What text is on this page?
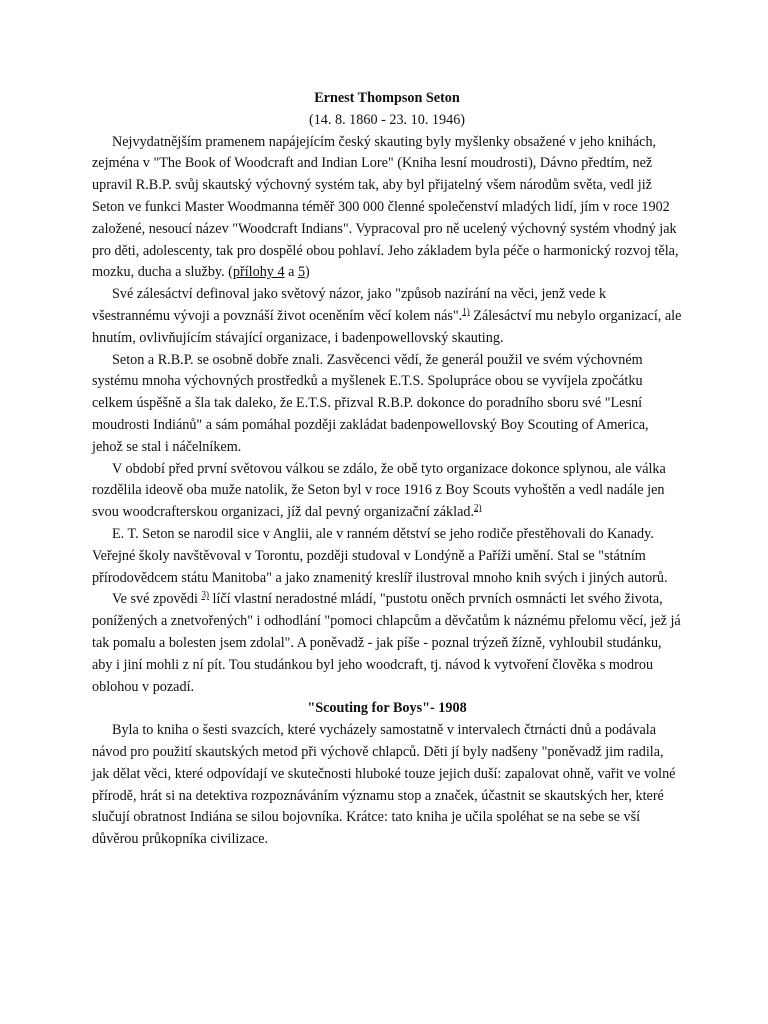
Ernest Thompson Seton

(14. 8. 1860 - 23. 10. 1946)

Nejvydatnějším pramenem napájejícím český skauting byly myšlenky obsažené v jeho knihách, zejména v "The Book of Woodcraft and Indian Lore" (Kniha lesní moudrosti), Dávno předtím, než upravil R.B.P. svůj skautský výchovný systém tak, aby byl přijatelný všem národům světa, vedl již Seton ve funkci Master Woodmanna téměř 300 000 členné společenství mladých lidí, jím v roce 1902 založené, nesoucí název "Woodcraft Indians". Vypracoval pro ně ucelený výchovný systém vhodný jak pro děti, adolescenty, tak pro dospělé obou pohlaví. Jeho základem byla péče o harmonický rozvoj těla, mozku, ducha a služby. (přílohy 4 a 5)

Své zálesáctví definoval jako světový názor, jako "způsob nazírání na věci, jenž vede k všestrannému vývoji a povznáší život oceněním věcí kolem nás".$^{1)}$ Zálesáctví mu nebylo organizací, ale hnutím, ovlivňujícím stávající organizace, i badenpowellovský skauting.

Seton a R.B.P. se osobně dobře znali. Zasvěcenci vědí, že generál použil ve svém výchovném systému mnoha výchovných prostředků a myšlenek E.T.S. Spolupráce obou se vyvíjela zpočátku celkem úspěšně a šla tak daleko, že E.T.S. přizval R.B.P. dokonce do poradního sboru své "Lesní moudrosti Indiánů" a sám pomáhal později zakládat badenpowellovský Boy Scouting of America, jehož se stal i náčelníkem.

V období před první světovou válkou se zdálo, že obě tyto organizace dokonce splynou, ale válka rozdělila ideově oba muže natolik, že Seton byl v roce 1916 z Boy Scouts vyhoštěn a vedl nadále jen svou woodcrafterskou organizaci, jíž dal pevný organizační základ.$^{2)}$

E. T. Seton se narodil sice v Anglii, ale v ranném dětství se jeho rodiče přestěhovali do Kanady. Veřejné školy navštěvoval v Torontu, později studoval v Londýně a Paříži umění. Stal se "státním přírodovědcem státu Manitoba" a jako znamenitý kreslíř ilustroval mnoho knih svých i jiných autorů.

Ve své zpovědi $^{3)}$ líčí vlastní neradostné mládí, "pustotu oněch prvních osmnácti let svého života, ponížených a znetvořených" i odhodlání "pomoci chlapcům a děvčatům k náznému přelomu věcí, jež já tak pomalu a bolesten jsem zdolal". A poněvadž - jak píše - poznal trýzeň žízně, vyhloubil studánku, aby i jiní mohli z ní pít. Tou studánkou byl jeho woodcraft, tj. návod k vytvoření člověka s modrou oblohou v pozadí.

"Scouting for Boys"- 1908

Byla to kniha o šesti svazcích, které vycházely samostatně v intervalech čtrnácti dnů a podávala návod pro použití skautských metod při výchově chlapců. Děti jí byly nadšeny "poněvadž jim radila, jak dělat věci, které odpovídají ve skutečnosti hluboké touze jejich duší: zapalovat ohně, vařit ve volné přírodě, hrát si na detektiva rozpoznáváním významu stop a značek, účastnit se skautských her, které slučují obratnost Indiána se silou bojovníka. Krátce: tato kniha je učila spoléhat se na sebe se vší důvěrou průkopníka civilizace.
